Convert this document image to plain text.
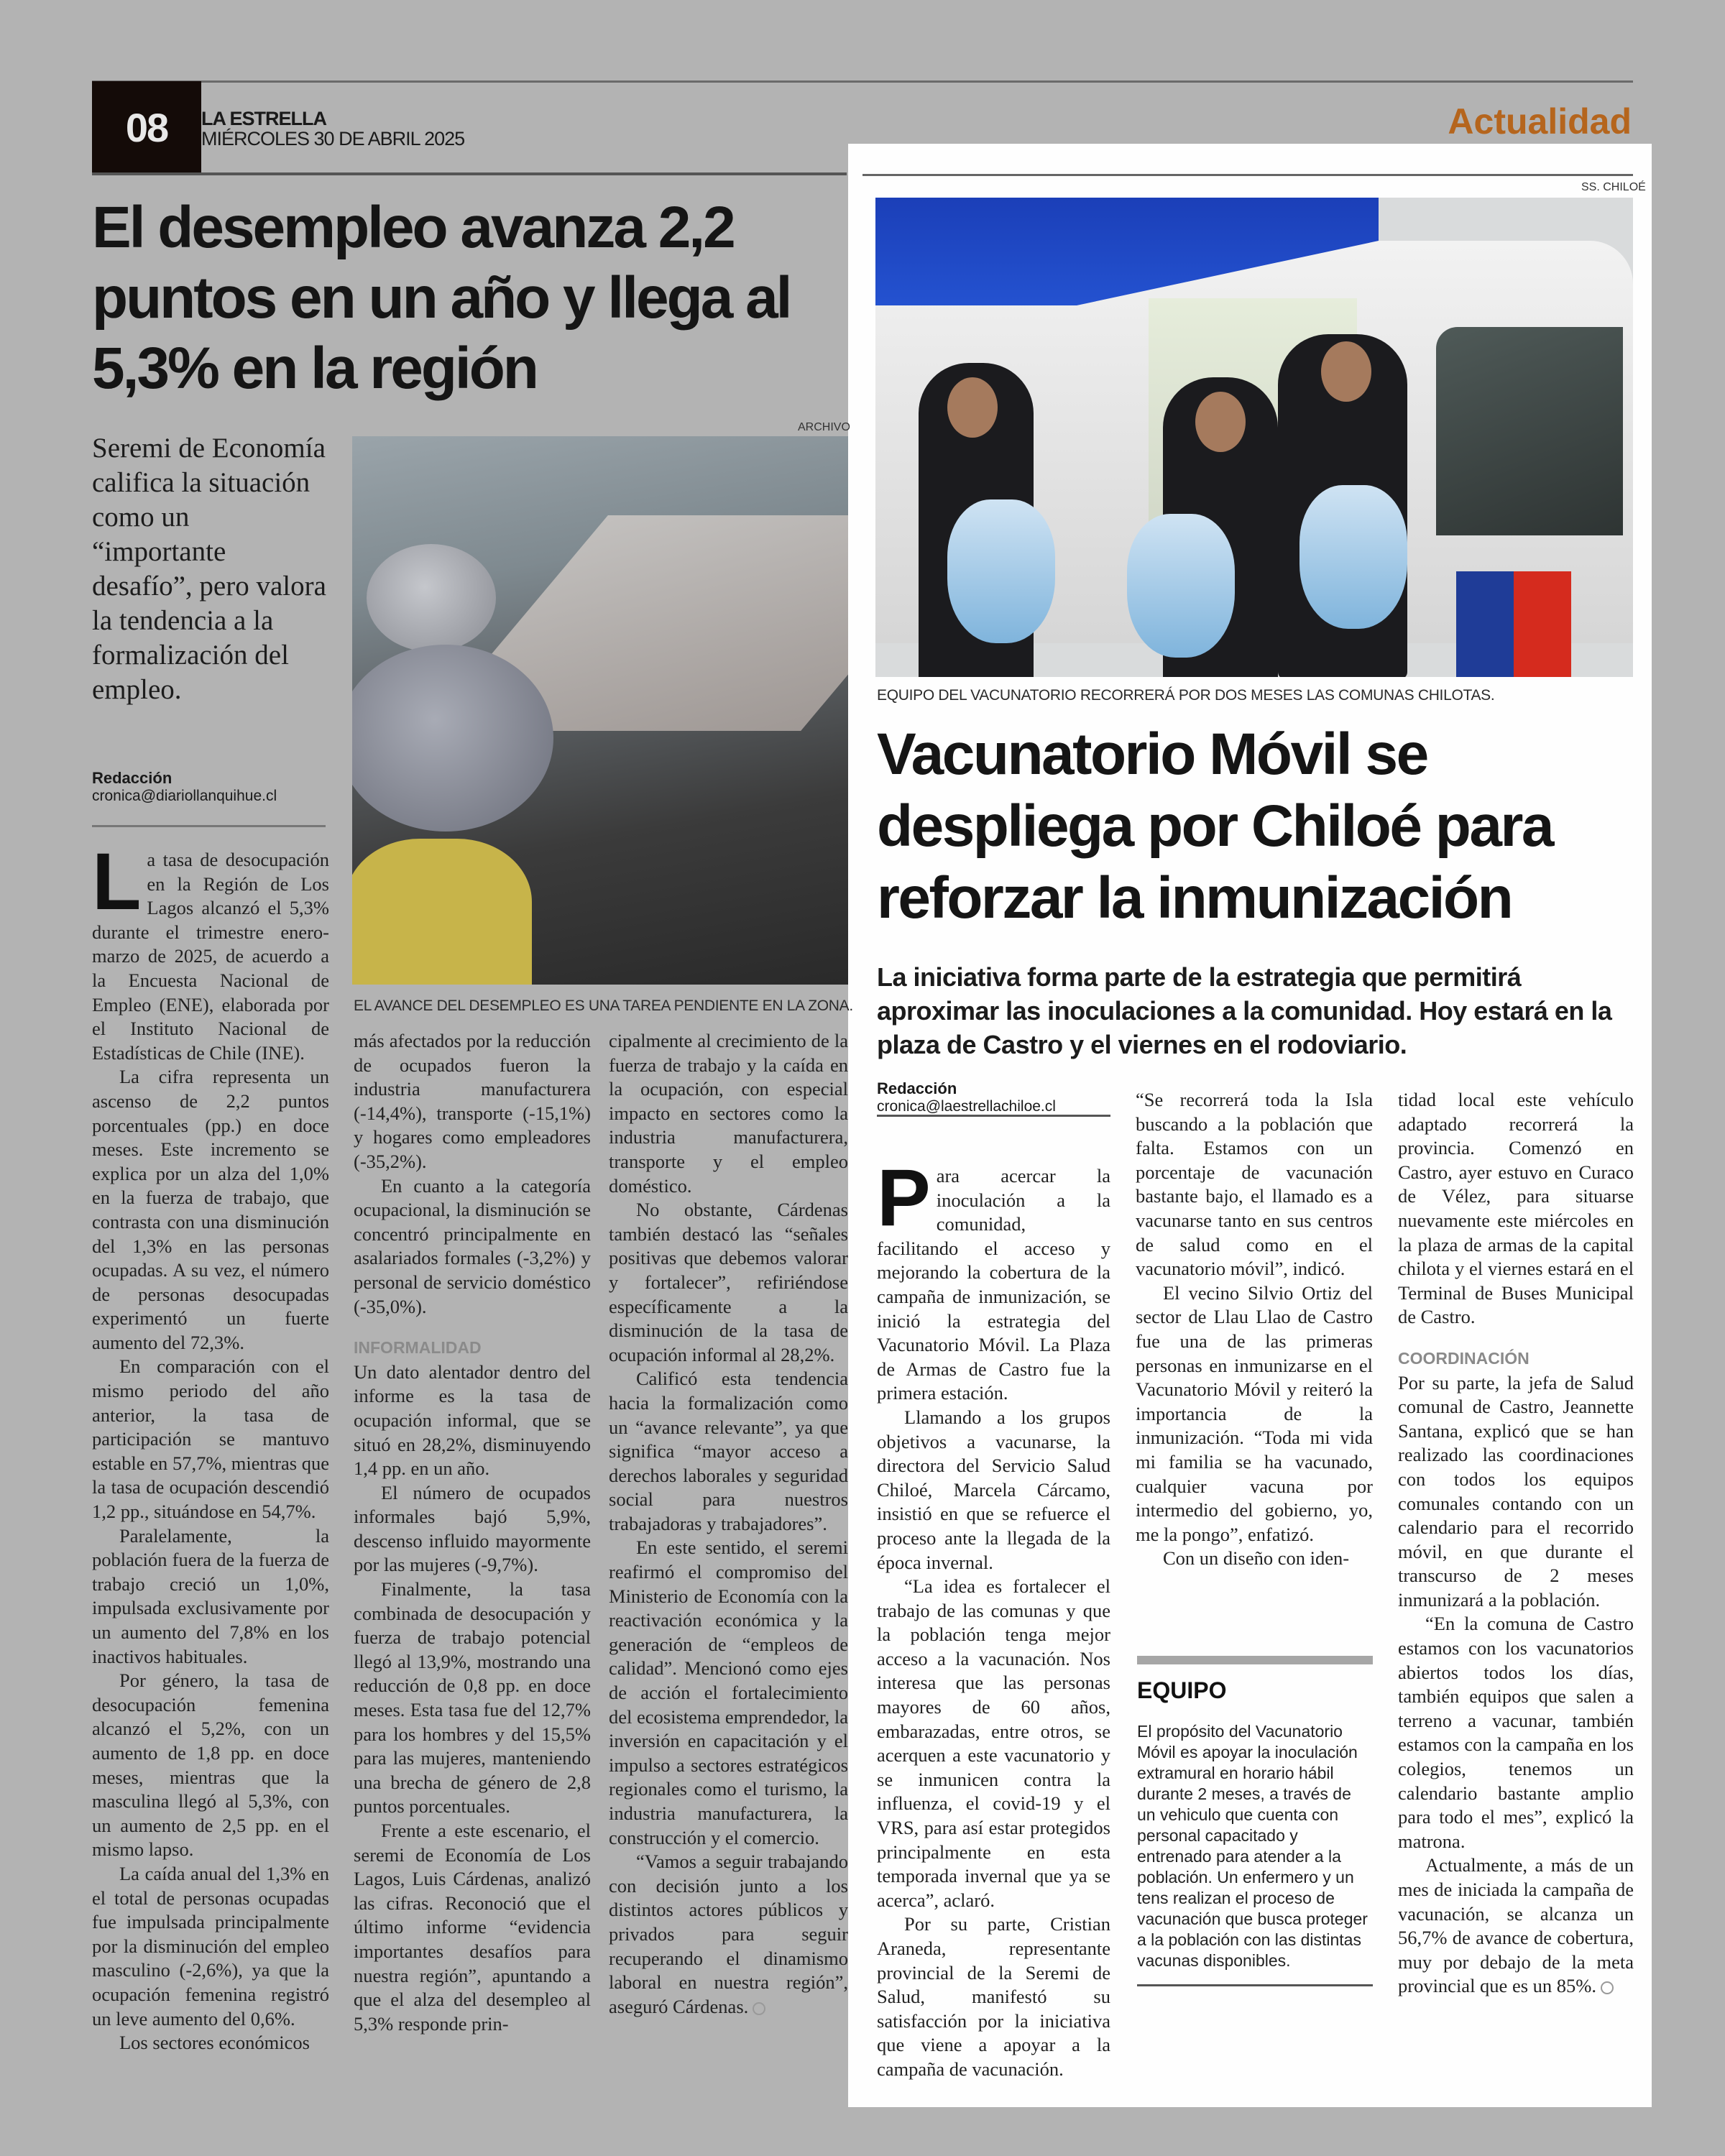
08	LA ESTRELLA
MIÉRCOLES 30 DE ABRIL 2025	Actualidad
El desempleo avanza 2,2 puntos en un año y llega al 5,3% en la región
Seremi de Economía califica la situación como un “importante desafío”, pero valora la tendencia a la formalización del empleo.
Redacción
cronica@diariollanquihue.cl
ARCHIVO
EL AVANCE DEL DESEMPLEO ES UNA TAREA PENDIENTE EN LA ZONA.

La tasa de desocupación en la Región de Los Lagos alcanzó el 5,3% durante el trimestre enero-marzo de 2025, de acuerdo a la Encuesta Nacional de Empleo (ENE), elaborada por el Instituto Nacional de Estadísticas de Chile (INE).

La cifra representa un ascenso de 2,2 puntos porcentuales (pp.) en doce meses. Este incremento se explica por un alza del 1,0% en la fuerza de trabajo, que contrasta con una disminución del 1,3% en las personas ocupadas. A su vez, el número de personas desocupadas experimentó un fuerte aumento del 72,3%.

En comparación con el mismo periodo del año anterior, la tasa de participación se mantuvo estable en 57,7%, mientras que la tasa de ocupación descendió 1,2 pp., situándose en 54,7%.

Paralelamente, la población fuera de la fuerza de trabajo creció un 1,0%, impulsada exclusivamente por un aumento del 7,8% en los inactivos habituales.

Por género, la tasa de desocupación femenina alcanzó el 5,2%, con un aumento de 1,8 pp. en doce meses, mientras que la masculina llegó al 5,3%, con un aumento de 2,5 pp. en el mismo lapso.

La caída anual del 1,3% en el total de personas ocupadas fue impulsada principalmente por la disminución del empleo masculino (-2,6%), ya que la ocupación femenina registró un leve aumento del 0,6%.

Los sectores económicos

más afectados por la reducción de ocupados fueron la industria manufacturera (-14,4%), transporte (-15,1%) y hogares como empleadores (-35,2%).

En cuanto a la categoría ocupacional, la disminución se concentró principalmente en asalariados formales (-3,2%) y personal de servicio doméstico (-35,0%).

INFORMALIDAD

Un dato alentador dentro del informe es la tasa de ocupación informal, que se situó en 28,2%, disminuyendo 1,4 pp. en un año.

El número de ocupados informales bajó 5,9%, descenso influido mayormente por las mujeres (-9,7%).

Finalmente, la tasa combinada de desocupación y fuerza de trabajo potencial llegó al 13,9%, mostrando una reducción de 0,8 pp. en doce meses. Esta tasa fue del 12,7% para los hombres y del 15,5% para las mujeres, manteniendo una brecha de género de 2,8 puntos porcentuales.

Frente a este escenario, el seremi de Economía de Los Lagos, Luis Cárdenas, analizó las cifras. Reconoció que el último informe “evidencia importantes desafíos para nuestra región”, apuntando a que el alza del desempleo al 5,3% responde prin-

cipalmente al crecimiento de la fuerza de trabajo y la caída en la ocupación, con especial impacto en sectores como la industria manufacturera, transporte y el empleo doméstico.

No obstante, Cárdenas también destacó las “señales positivas que debemos valorar y fortalecer”, refiriéndose específicamente a la disminución de la tasa de ocupación informal al 28,2%.

Calificó esta tendencia hacia la formalización como un “avance relevante”, ya que significa “mayor acceso a derechos laborales y seguridad social para nuestros trabajadoras y trabajadores”.

En este sentido, el seremi reafirmó el compromiso del Ministerio de Economía con la reactivación económica y la generación de “empleos de calidad”. Mencionó como ejes de acción el fortalecimiento del ecosistema emprendedor, la inversión en capacitación y el impulso a sectores estratégicos regionales como el turismo, la industria manufacturera, la construcción y el comercio.

“Vamos a seguir trabajando con decisión junto a los distintos actores públicos y privados para seguir recuperando el dinamismo laboral en nuestra región”, aseguró Cárdenas.

SS. CHILOÉ
EQUIPO DEL VACUNATORIO RECORRERÁ POR DOS MESES LAS COMUNAS CHILOTAS.
Vacunatorio Móvil se despliega por Chiloé para reforzar la inmunización
La iniciativa forma parte de la estrategia que permitirá aproximar las inoculaciones a la comunidad. Hoy estará en la plaza de Castro y el viernes en el rodoviario.
Redacción
cronica@laestrellachiloe.cl

Para acercar la inoculación a la comunidad, facilitando el acceso y mejorando la cobertura de la campaña de inmunización, se inició la estrategia del Vacunatorio Móvil. La Plaza de Armas de Castro fue la primera estación.

Llamando a los grupos objetivos a vacunarse, la directora del Servicio Salud Chiloé, Marcela Cárcamo, insistió en que se refuerce el proceso ante la llegada de la época invernal.

“La idea es fortalecer el trabajo de las comunas y que la población tenga mejor acceso a la vacunación. Nos interesa que las personas mayores de 60 años, embarazadas, entre otros, se acerquen a este vacunatorio y se inmunicen contra la influenza, el covid-19 y el VRS, para así estar protegidos principalmente en esta temporada invernal que ya se acerca”, aclaró.

Por su parte, Cristian Araneda, representante provincial de la Seremi de Salud, manifestó su satisfacción por la iniciativa que viene a apoyar a la campaña de vacunación.

“Se recorrerá toda la Isla buscando a la población que falta. Estamos con un porcentaje de vacunación bastante bajo, el llamado es a vacunarse tanto en sus centros de salud como en el vacunatorio móvil”, indicó.

El vecino Silvio Ortiz del sector de Llau Llao de Castro fue una de las primeras personas en inmunizarse en el Vacunatorio Móvil y reiteró la importancia de la inmunización. “Toda mi vida mi familia se ha vacunado, cualquier vacuna por intermedio del gobierno, yo, me la pongo”, enfatizó.

Con un diseño con iden-

EQUIPO
El propósito del Vacunatorio Móvil es apoyar la inoculación extramural en horario hábil durante 2 meses, a través de un vehiculo que cuenta con personal capacitado y entrenado para atender a la población. Un enfermero y un tens realizan el proceso de vacunación que busca proteger a la población con las distintas vacunas disponibles.

tidad local este vehículo adaptado recorrerá la provincia. Comenzó en Castro, ayer estuvo en Curaco de Vélez, para situarse nuevamente este miércoles en la plaza de armas de la capital chilota y el viernes estará en el Terminal de Buses Municipal de Castro.

COORDINACIÓN

Por su parte, la jefa de Salud comunal de Castro, Jeannette Santana, explicó que se han realizado las coordinaciones con todos los equipos comunales contando con un calendario para el recorrido móvil, en que durante el transcurso de 2 meses inmunizará a la población.

“En la comuna de Castro estamos con los vacunatorios abiertos todos los días, también equipos que salen a terreno a vacunar, también estamos con la campaña en los colegios, tenemos un calendario bastante amplio para todo el mes”, explicó la matrona.

Actualmente, a más de un mes de iniciada la campaña de vacunación, se alcanza un 56,7% de avance de cobertura, muy por debajo de la meta provincial que es un 85%.
